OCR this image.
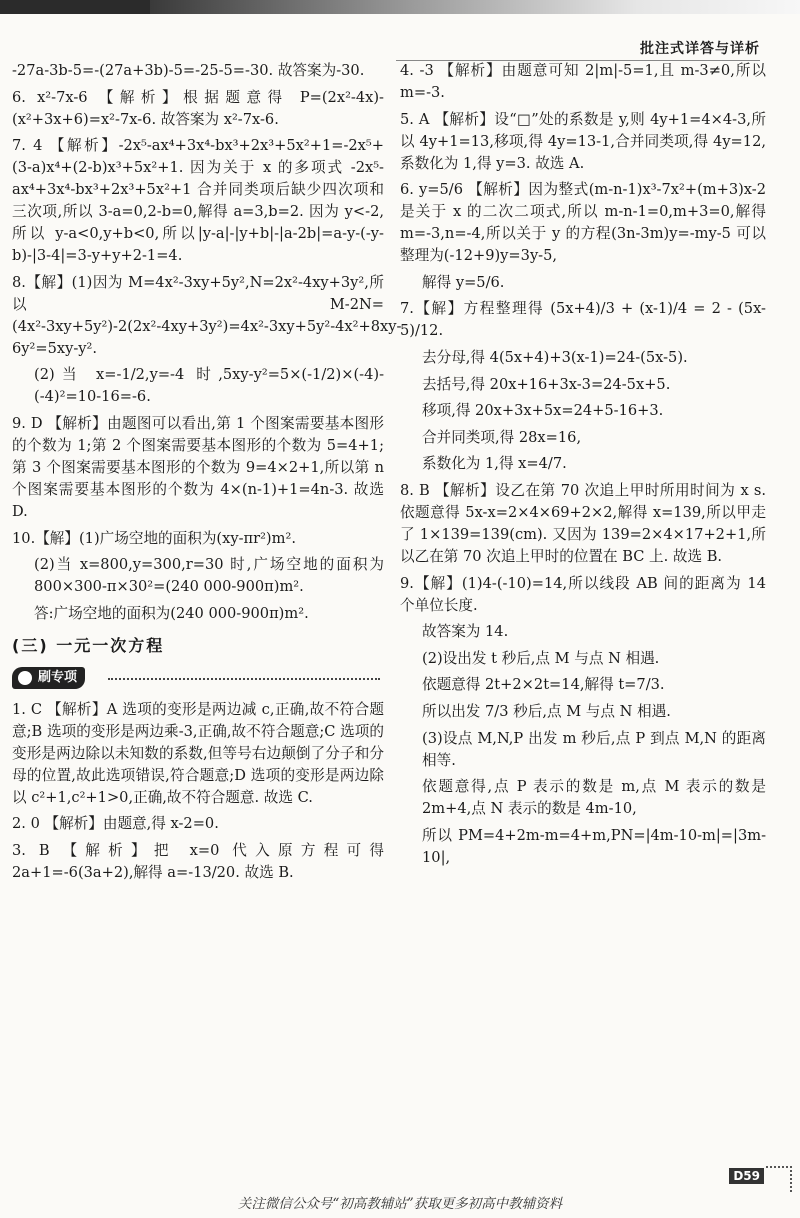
批注式详答与详析

-27a-3b-5=-(27a+3b)-5=-25-5=-30. 故答案为-30.

6. x²-7x-6 【解析】根据题意得 P=(2x²-4x)-(x²+3x+6)=x²-7x-6. 故答案为 x²-7x-6.

7. 4 【解析】-2x⁵-ax⁴+3x⁴-bx³+2x³+5x²+1=-2x⁵+(3-a)x⁴+(2-b)x³+5x²+1. 因为关于 x 的多项式 -2x⁵-ax⁴+3x⁴-bx³+2x³+5x²+1 合并同类项后缺少四次项和三次项,所以 3-a=0,2-b=0,解得 a=3,b=2. 因为 y<-2,所以 y-a<0,y+b<0,所以|y-a|-|y+b|-|a-2b|=a-y-(-y-b)-|3-4|=3-y+y+2-1=4.

8.【解】(1)因为 M=4x²-3xy+5y²,N=2x²-4xy+3y²,所以 M-2N=(4x²-3xy+5y²)-2(2x²-4xy+3y²)=4x²-3xy+5y²-4x²+8xy-6y²=5xy-y².

(2)当 x=-1/2,y=-4 时,5xy-y²=5×(-1/2)×(-4)-(-4)²=10-16=-6.

9. D 【解析】由题图可以看出,第 1 个图案需要基本图形的个数为 1;第 2 个图案需要基本图形的个数为 5=4+1;第 3 个图案需要基本图形的个数为 9=4×2+1,所以第 n 个图案需要基本图形的个数为 4×(n-1)+1=4n-3. 故选 D.

10.【解】(1)广场空地的面积为(xy-πr²)m².

(2)当 x=800,y=300,r=30 时,广场空地的面积为 800×300-π×30²=(240 000-900π)m².

答:广场空地的面积为(240 000-900π)m².

(三) 一元一次方程

刷专项

1. C 【解析】A 选项的变形是两边减 c,正确,故不符合题意;B 选项的变形是两边乘-3,正确,故不符合题意;C 选项的变形是两边除以未知数的系数,但等号右边颠倒了分子和分母的位置,故此选项错误,符合题意;D 选项的变形是两边除以 c²+1,c²+1>0,正确,故不符合题意. 故选 C.

2. 0 【解析】由题意,得 x-2=0.

3. B 【解析】把 x=0 代入原方程可得 2a+1=-6(3a+2),解得 a=-13/20. 故选 B.

4. -3 【解析】由题意可知 2|m|-5=1,且 m-3≠0,所以 m=-3.

5. A 【解析】设“□”处的系数是 y,则 4y+1=4×4-3,所以 4y+1=13,移项,得 4y=13-1,合并同类项,得 4y=12,系数化为 1,得 y=3. 故选 A.

6. y=5/6 【解析】因为整式(m-n-1)x³-7x²+(m+3)x-2 是关于 x 的二次二项式,所以 m-n-1=0,m+3=0,解得 m=-3,n=-4,所以关于 y 的方程(3n-3m)y=-my-5 可以整理为(-12+9)y=3y-5,

解得 y=5/6.

7.【解】方程整理得 (5x+4)/3 + (x-1)/4 = 2 - (5x-5)/12.

去分母,得 4(5x+4)+3(x-1)=24-(5x-5).

去括号,得 20x+16+3x-3=24-5x+5.

移项,得 20x+3x+5x=24+5-16+3.

合并同类项,得 28x=16,

系数化为 1,得 x=4/7.

8. B 【解析】设乙在第 70 次追上甲时所用时间为 x s. 依题意得 5x-x=2×4×69+2×2,解得 x=139,所以甲走了 1×139=139(cm). 又因为 139=2×4×17+2+1,所以乙在第 70 次追上甲时的位置在 BC 上. 故选 B.

9.【解】(1)4-(-10)=14,所以线段 AB 间的距离为 14 个单位长度.

故答案为 14.

(2)设出发 t 秒后,点 M 与点 N 相遇.

依题意得 2t+2×2t=14,解得 t=7/3.

所以出发 7/3 秒后,点 M 与点 N 相遇.

(3)设点 M,N,P 出发 m 秒后,点 P 到点 M,N 的距离相等.

依题意得,点 P 表示的数是 m,点 M 表示的数是 2m+4,点 N 表示的数是 4m-10,

所以 PM=4+2m-m=4+m,PN=|4m-10-m|=|3m-10|,

D59
关注微信公众号“初高教辅站”获取更多初高中教辅资料
